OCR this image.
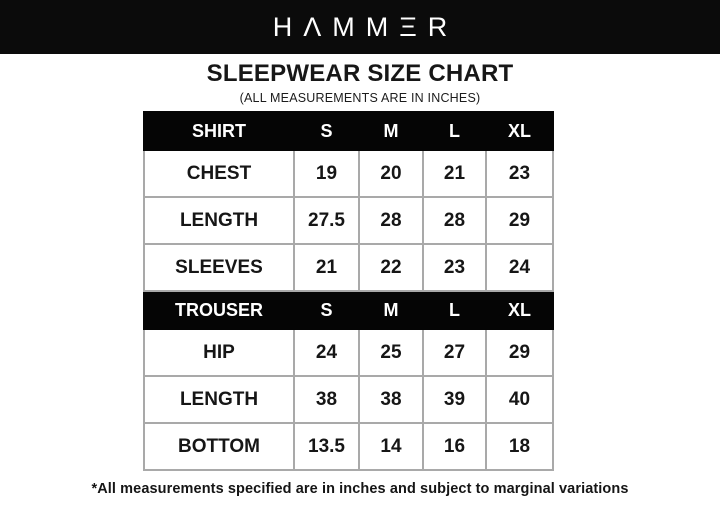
HΛMMΞR
SLEEPWEAR SIZE CHART
(ALL MEASUREMENTS ARE IN INCHES)
SHIRT	S	M	L	XL
CHEST	19	20	21	23
LENGTH	27.5	28	28	29
SLEEVES	21	22	23	24
TROUSER	S	M	L	XL
HIP	24	25	27	29
LENGTH	38	38	39	40
BOTTOM	13.5	14	16	18
*All measurements specified are in inches and subject to marginal variations
